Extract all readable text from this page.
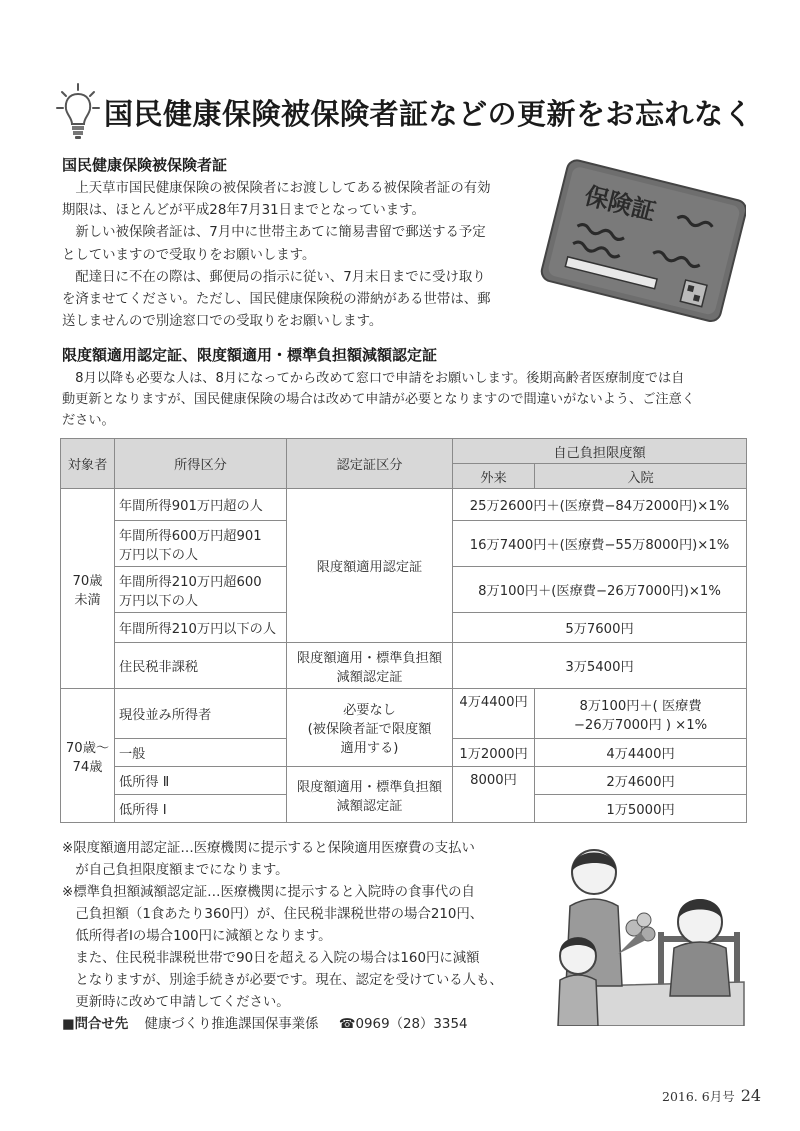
国民健康保険被保険者証などの更新をお忘れなく
国民健康保険被保険者証
　上天草市国民健康保険の被保険者にお渡ししてある被保険者証の有効
期限は、ほとんどが平成28年7月31日までとなっています。
　新しい被保険者証は、7月中に世帯主あてに簡易書留で郵送する予定
としていますので受取りをお願いします。
　配達日に不在の際は、郵便局の指示に従い、7月末日までに受け取り
を済ませてください。ただし、国民健康保険税の滞納がある世帯は、郵
送しませんので別途窓口での受取りをお願いします。
保険証
限度額適用認定証、限度額適用・標準負担額減額認定証
　8月以降も必要な人は、8月になってから改めて窓口で申請をお願いします。後期高齢者医療制度では自
動更新となりますが、国民健康保険の場合は改めて申請が必要となりますので間違いがないよう、ご注意く
ださい。
対象者	所得区分	認定証区分	自己負担限度額	
			外来	入院
70歳
未満	年間所得901万円超の人	限度額適用認定証	25万2600円＋(医療費−84万2000円)×1%	
	年間所得600万円超901
万円以下の人		16万7400円＋(医療費−55万8000円)×1%	
	年間所得210万円超600
万円以下の人		8万100円＋(医療費−26万7000円)×1%	
	年間所得210万円以下の人		5万7600円	
	住民税非課税	限度額適用・標準負担額
減額認定証	3万5400円	
70歳〜
74歳	現役並み所得者	必要なし
(被保険者証で限度額
適用する)	4万4400円	8万100円＋( 医療費
−26万7000円 ) ×1%
	一般		1万2000円	4万4400円
	低所得 Ⅱ	限度額適用・標準負担額
減額認定証	8000円	2万4600円
	低所得 Ⅰ			1万5000円
※限度額適用認定証…医療機関に提示すると保険適用医療費の支払い
　が自己負担限度額までになります。
※標準負担額減額認定証…医療機関に提示すると入院時の食事代の自
　己負担額（1食あたり360円）が、住民税非課税世帯の場合210円、
　低所得者Ⅰの場合100円に減額となります。
　また、住民税非課税世帯で90日を超える入院の場合は160円に減額
　となりますが、別途手続きが必要です。現在、認定を受けている人も、
　更新時に改めて申請してください。
■問合せ先 健康づくり推進課国保事業係 ☎0969（28）3354
2016. 6月号 24
